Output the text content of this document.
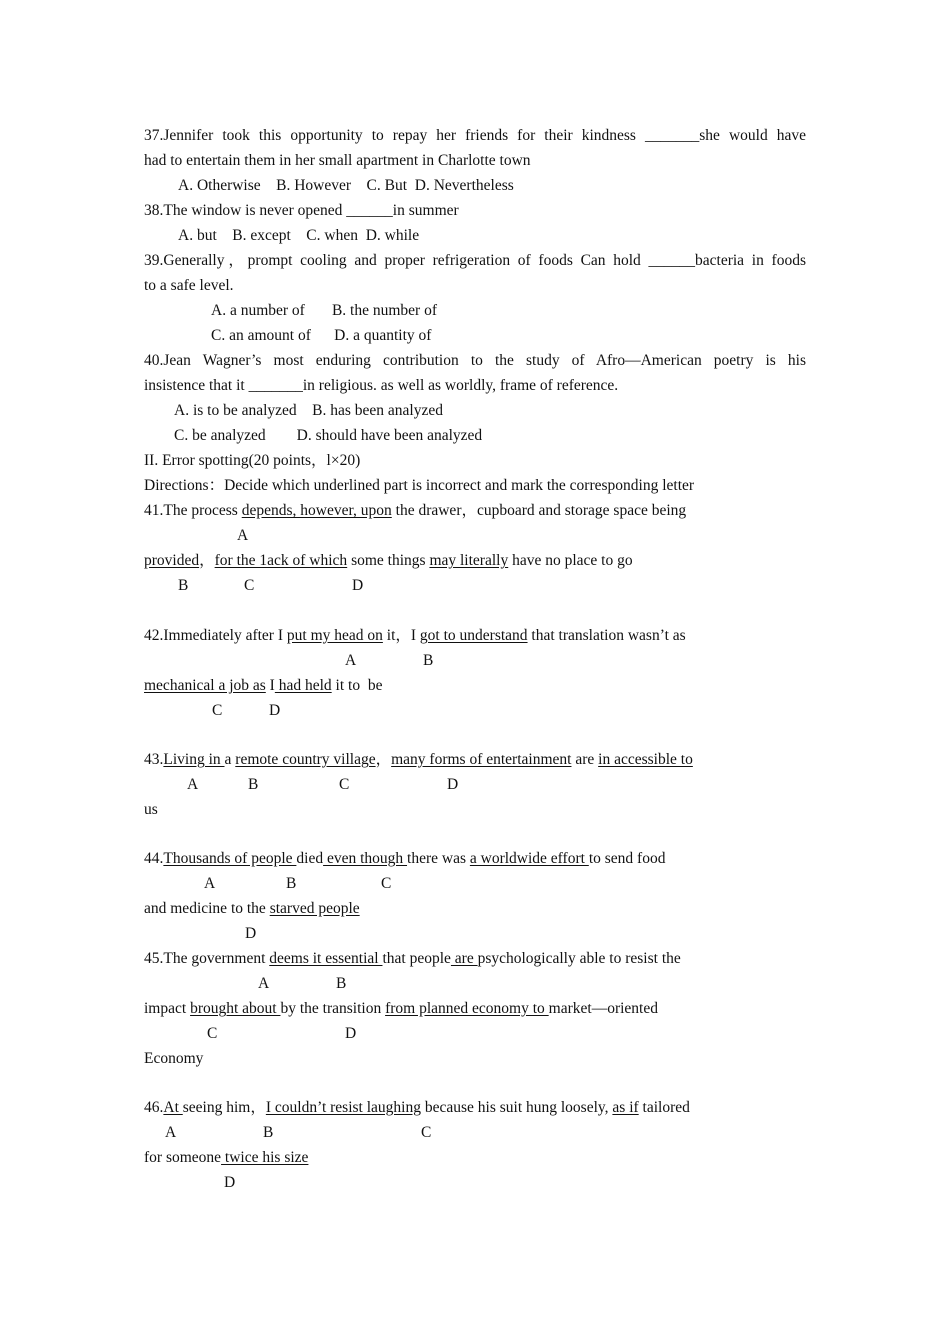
37.Jennifer took this opportunity to repay her friends for their kindness _______she would have
had to entertain them in her small apartment in Charlotte town
A. Otherwise    B. However    C. But  D. Nevertheless
38.The window is never opened ______in summer
A. but    B. except    C. when  D. while
39.Generally，prompt cooling and proper refrigeration of foods Can hold ______bacteria in foods
to a safe level.
A. a number of       B. the number of
C. an amount of      D. a quantity of
40.Jean Wagner’s most enduring contribution to the study of Afro—American poetry is his
insistence that it _______in religious. as well as worldly, frame of reference.
A. is to be analyzed    B. has been analyzed
C. be analyzed        D. should have been analyzed
II. Error spotting(20 points，l×20)
Directions：Decide which underlined part is incorrect and mark the corresponding letter
41.The process depends, however, upon the drawer，cupboard and storage space being
A
provided，for the 1ack of which some things may literally have no place to go
B	C	D
42.Immediately after I put my head on it，I got to understand that translation wasn’t as
A	B
mechanical a job as I had held it to  be
C	D
43.Living in a remote country village，many forms of entertainment are in accessible to
A	B	C	D
us
44.Thousands of people died even though there was a worldwide effort to send food
A	B	C
and medicine to the starved people
D
45.The government deems it essential that people are psychologically able to resist the
A	B
impact brought about by the transition from planned economy to market—oriented
C	D
Economy
46.At seeing him，I couldn’t resist laughing because his suit hung loosely, as if tailored
A	B	C
for someone twice his size
D
